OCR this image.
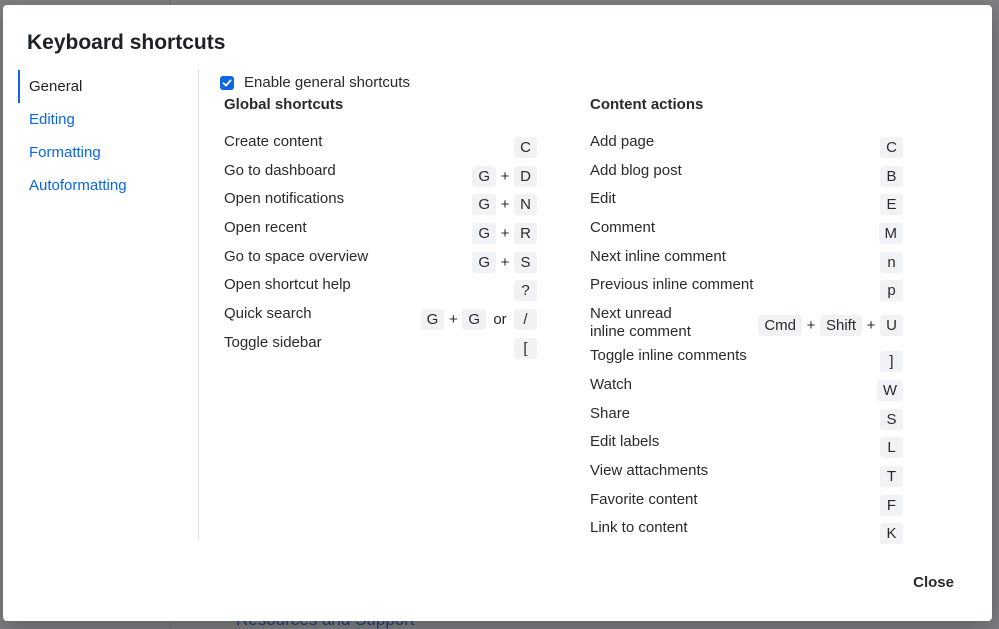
Keyboard shortcuts
General
Editing
Formatting
Autoformatting
Enable general shortcuts
Global shortcuts
Create content	C
Go to dashboard	G + D
Open notifications	G + N
Open recent	G + R
Go to space overview	G + S
Open shortcut help	?
Quick search	G + G or	/
Toggle sidebar	[
Content actions
Add page	C
Add blog post	B
Edit	E
Comment	M
Next inline comment	n
Previous inline comment	p
Next unread
inline comment	Cmd + Shift + U
Toggle inline comments	]
Watch	W
Share	S
Edit labels	L
View attachments	T
Favorite content	F
Link to content	K
Close
